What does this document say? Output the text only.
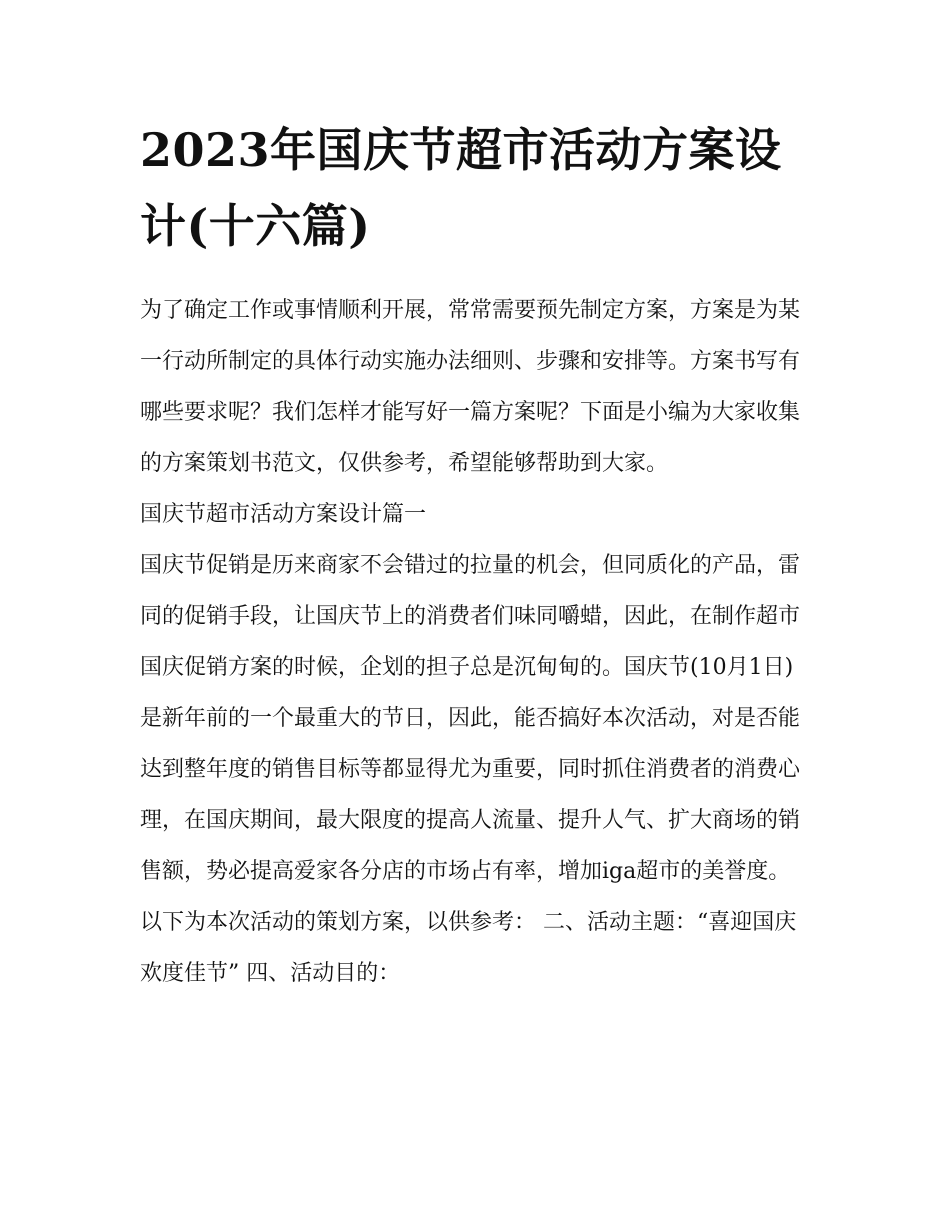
2023年国庆节超市活动方案设计(十六篇)

为了确定工作或事情顺利开展，常常需要预先制定方案，方案是为某一行动所制定的具体行动实施办法细则、步骤和安排等。方案书写有哪些要求呢？我们怎样才能写好一篇方案呢？下面是小编为大家收集的方案策划书范文，仅供参考，希望能够帮助到大家。

国庆节超市活动方案设计篇一

国庆节促销是历来商家不会错过的拉量的机会，但同质化的产品，雷同的促销手段，让国庆节上的消费者们味同嚼蜡，因此，在制作超市国庆促销方案的时候，企划的担子总是沉甸甸的。国庆节(10月1日)是新年前的一个最重大的节日，因此，能否搞好本次活动，对是否能达到整年度的销售目标等都显得尤为重要，同时抓住消费者的消费心理，在国庆期间，最大限度的提高人流量、提升人气、扩大商场的销售额，势必提高爱家各分店的市场占有率，增加iga超市的美誉度。

以下为本次活动的策划方案，以供参考： 二、活动主题：“喜迎国庆 欢度佳节” 四、活动目的：
